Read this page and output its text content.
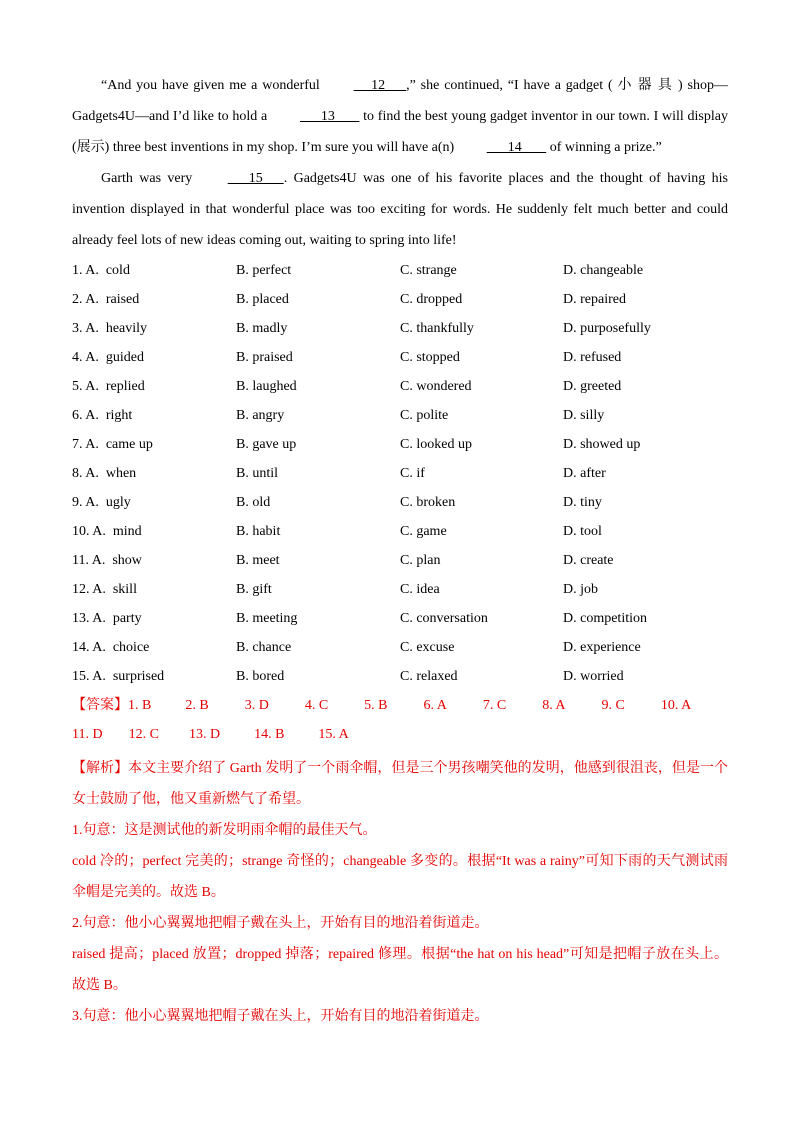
“And you have given me a wonderful      12      ,” she continued, “I have a gadget ( 小 器 具 ) shop—Gadgets4U—and I’d like to hold a       13        to find the best young gadget inventor in our town. I will display (展示) three best inventions in my shop. I’m sure you will have a(n)       14        of winning a prize.”

Garth was very       15      . Gadgets4U was one of his favorite places and the thought of having his invention displayed in that wonderful place was too exciting for words. He suddenly felt much better and could already feel lots of new ideas coming out, waiting to spring into life!

1. A. cold	B. perfect	C. strange	D. changeable
2. A. raised	B. placed	C. dropped	D. repaired
3. A. heavily	B. madly	C. thankfully	D. purposefully
4. A. guided	B. praised	C. stopped	D. refused
5. A. replied	B. laughed	C. wondered	D. greeted
6. A. right	B. angry	C. polite	D. silly
7. A. came up	B. gave up	C. looked up	D. showed up
8. A. when	B. until	C. if	D. after
9. A. ugly	B. old	C. broken	D. tiny
10. A. mind	B. habit	C. game	D. tool
11. A. show	B. meet	C. plan	D. create
12. A. skill	B. gift	C. idea	D. job
13. A. party	B. meeting	C. conversation	D. competition
14. A. choice	B. chance	C. excuse	D. experience
15. A. surprised	B. bored	C. relaxed	D. worried
【答案】1. B 2. B	3. D	4. C	5. B	6. A	7. C	8. A	9. C	10. A11. D 12. C 13. D 14. B 15. A

【解析】本文主要介绍了 Garth 发明了一个雨伞帽，但是三个男孩嘲笑他的发明，他感到很沮丧，但是一个女士鼓励了他，他又重新燃气了希望。

1.句意：这是测试他的新发明雨伞帽的最佳天气。

cold 冷的；perfect 完美的；strange 奇怪的；changeable 多变的。根据“It was a rainy”可知下雨的天气测试雨伞帽是完美的。故选 B。

2.句意：他小心翼翼地把帽子戴在头上，开始有目的地沿着街道走。

raised 提高；placed 放置；dropped 掉落；repaired 修理。根据“the hat on his head”可知是把帽子放在头上。故选 B。

3.句意：他小心翼翼地把帽子戴在头上，开始有目的地沿着街道走。
